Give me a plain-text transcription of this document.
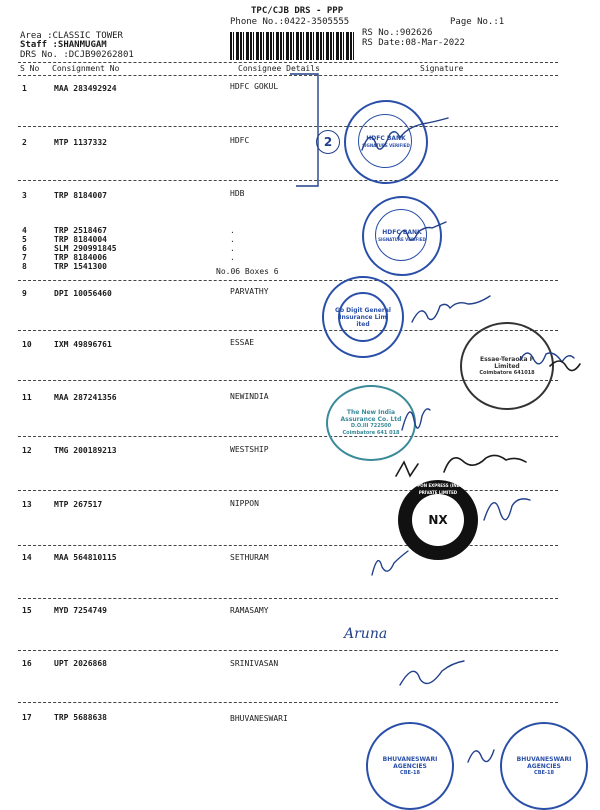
TPC/CJB DRS - PPP
Phone No.:0422-3505555	Page No.:1
Area :CLASSIC TOWER
Staff :SHANMUGAM
DRS No. :DCJB90262801
RS No.:902626
RS Date:08-Mar-2022
S No Consignment No	Consignee Details	Signature
1	MAA 283492924	HDFC GOKUL
2	MTP 1137332	HDFC
3	TRP 8184007	HDB
4	TRP 2518467	.
5	TRP 8184004	.
6	SLM 290991845	.
7	TRP 8184006	.
8	TRP 1541300
No.06 Boxes 6
9	DPI 10056460	PARVATHY
10	IXM 49896761	ESSAE
11	MAA 287241356	NEWINDIA
12	TMG 200189213	WESTSHIP
13	MTP 267517	NIPPON
14	MAA 564810115	SETHURAM
15	MYD 7254749	RAMASAMY
16	UPT 2026868	SRINIVASAN
17	TRP 5688638	BHUVANESWARI
2	HDFC BANK
SIGNATURE VERIFIED
HDFC BANK
SIGNATURE VERIFIED
Go Digit General Insurance Lim ited
Essae-Teraoka P Limited
Coimbatore 641018
The New India Assurance Co. Ltd
D.O.III 722500 Coimbatore 641 018
NX
NIPPON EXPRESS (INDIA) PRIVATE LIMITED
BHUVANESWARI AGENCIES
CBE-18
BHUVANESWARI AGENCIES
CBE-18
Aruna
